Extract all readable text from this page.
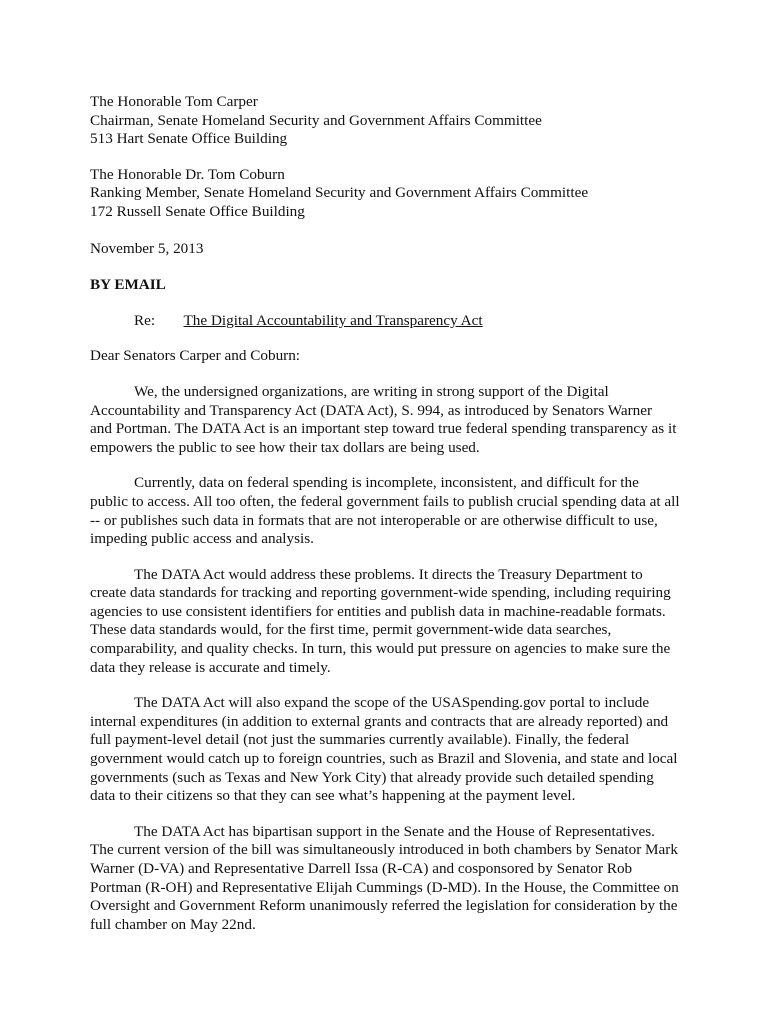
The Honorable Tom Carper
Chairman, Senate Homeland Security and Government Affairs Committee
513 Hart Senate Office Building
The Honorable Dr. Tom Coburn
Ranking Member, Senate Homeland Security and Government Affairs Committee
172 Russell Senate Office Building
November 5, 2013
BY EMAIL
Re: The Digital Accountability and Transparency Act
Dear Senators Carper and Coburn:
We, the undersigned organizations, are writing in strong support of the Digital
Accountability and Transparency Act (DATA Act), S. 994, as introduced by Senators Warner
and Portman. The DATA Act is an important step toward true federal spending transparency as it
empowers the public to see how their tax dollars are being used.
Currently, data on federal spending is incomplete, inconsistent, and difficult for the
public to access. All too often, the federal government fails to publish crucial spending data at all
-- or publishes such data in formats that are not interoperable or are otherwise difficult to use,
impeding public access and analysis.
The DATA Act would address these problems. It directs the Treasury Department to
create data standards for tracking and reporting government-wide spending, including requiring
agencies to use consistent identifiers for entities and publish data in machine-readable formats.
These data standards would, for the first time, permit government-wide data searches,
comparability, and quality checks. In turn, this would put pressure on agencies to make sure the
data they release is accurate and timely.
The DATA Act will also expand the scope of the USASpending.gov portal to include
internal expenditures (in addition to external grants and contracts that are already reported) and
full payment-level detail (not just the summaries currently available). Finally, the federal
government would catch up to foreign countries, such as Brazil and Slovenia, and state and local
governments (such as Texas and New York City) that already provide such detailed spending
data to their citizens so that they can see what’s happening at the payment level.
The DATA Act has bipartisan support in the Senate and the House of Representatives.
The current version of the bill was simultaneously introduced in both chambers by Senator Mark
Warner (D-VA) and Representative Darrell Issa (R-CA) and cosponsored by Senator Rob
Portman (R-OH) and Representative Elijah Cummings (D-MD). In the House, the Committee on
Oversight and Government Reform unanimously referred the legislation for consideration by the
full chamber on May 22nd.
